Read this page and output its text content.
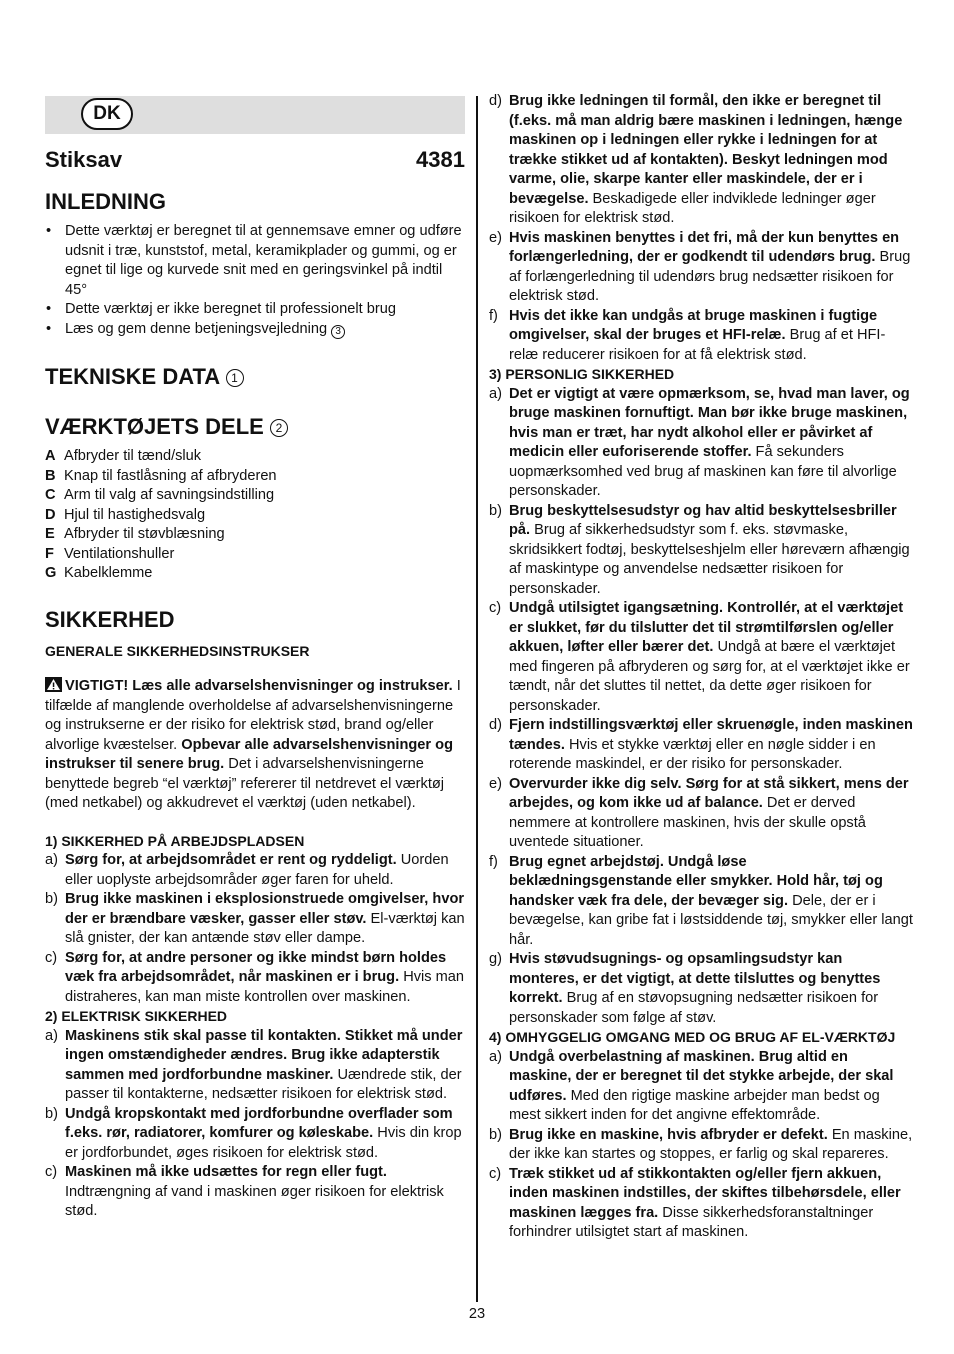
DK
Stiksav	4381
INLEDNING
• Dette værktøj er beregnet til at gennemsave emner og udføre udsnit i træ, kunststof, metal, keramikplader og gummi, og er egnet til lige og kurvede snit med en geringsvinkel på indtil 45°
• Dette værktøj er ikke beregnet til professionelt brug
• Læs og gem denne betjeningsvejledning 3
TEKNISKE DATA 1
VÆRKTØJETS DELE 2
A Afbryder til tænd/sluk
B Knap til fastlåsning af afbryderen
C Arm til valg af savningsindstilling
D Hjul til hastighedsvalg
E Afbryder til støvblæsning
F Ventilationshuller
G Kabelklemme
SIKKERHED

GENERALE SIKKERHEDSINSTRUKSER

VIGTIGT! Læs alle advarselshenvisninger og instrukser. I tilfælde af manglende overholdelse af advarselshenvisningerne og instrukserne er der risiko for elektrisk stød, brand og/eller alvorlige kvæstelser. Opbevar alle advarselshenvisninger og instrukser til senere brug. Det i advarselshenvisningerne benyttede begreb “el værktøj” refererer til netdrevet el værktøj (med netkabel) og akkudrevet el værktøj (uden netkabel).

1) SIKKERHED PÅ ARBEJDSPLADSEN

a) Sørg for, at arbejdsområdet er rent og ryddeligt. Uorden eller uoplyste arbejdsområder øger faren for uheld.
b) Brug ikke maskinen i eksplosionstruede omgivelser, hvor der er brændbare væsker, gasser eller støv. El-værktøj kan slå gnister, der kan antænde støv eller dampe.
c) Sørg for, at andre personer og ikke mindst børn holdes væk fra arbejdsområdet, når maskinen er i brug. Hvis man distraheres, kan man miste kontrollen over maskinen.

2) ELEKTRISK SIKKERHED

a) Maskinens stik skal passe til kontakten. Stikket må under ingen omstændigheder ændres. Brug ikke adapterstik sammen med jordforbundne maskiner. Uændrede stik, der passer til kontakterne, nedsætter risikoen for elektrisk stød.
b) Undgå kropskontakt med jordforbundne overflader som f.eks. rør, radiatorer, komfurer og køleskabe. Hvis din krop er jordforbundet, øges risikoen for elektrisk stød.
c) Maskinen må ikke udsættes for regn eller fugt. Indtrængning af vand i maskinen øger risikoen for elektrisk stød.
d) Brug ikke ledningen til formål, den ikke er beregnet til (f.eks. må man aldrig bære maskinen i ledningen, hænge maskinen op i ledningen eller rykke i ledningen for at trække stikket ud af kontakten). Beskyt ledningen mod varme, olie, skarpe kanter eller maskindele, der er i bevægelse. Beskadigede eller indviklede ledninger øger risikoen for elektrisk stød.
e) Hvis maskinen benyttes i det fri, må der kun benyttes en forlængerledning, der er godkendt til udendørs brug. Brug af forlængerledning til udendørs brug nedsætter risikoen for elektrisk stød.
f) Hvis det ikke kan undgås at bruge maskinen i fugtige omgivelser, skal der bruges et HFI-relæ. Brug af et HFI-relæ reducerer risikoen for at få elektrisk stød.

3) PERSONLIG SIKKERHED

a) Det er vigtigt at være opmærksom, se, hvad man laver, og bruge maskinen fornuftigt. Man bør ikke bruge maskinen, hvis man er træt, har nydt alkohol eller er påvirket af medicin eller euforiserende stoffer. Få sekunders uopmærksomhed ved brug af maskinen kan føre til alvorlige personskader.
b) Brug beskyttelsesudstyr og hav altid beskyttelsesbriller på. Brug af sikkerhedsudstyr som f. eks. støvmaske, skridsikkert fodtøj, beskyttelseshjelm eller høreværn afhængig af maskintype og anvendelse nedsætter risikoen for personskader.
c) Undgå utilsigtet igangsætning. Kontrollér, at el værktøjet er slukket, før du tilslutter det til strømtilførslen og/eller akkuen, løfter eller bærer det. Undgå at bære el værktøjet med fingeren på afbryderen og sørg for, at el værktøjet ikke er tændt, når det sluttes til nettet, da dette øger risikoen for personskader.
d) Fjern indstillingsværktøj eller skruenøgle, inden maskinen tændes. Hvis et stykke værktøj eller en nøgle sidder i en roterende maskindel, er der risiko for personskader.
e) Overvurder ikke dig selv. Sørg for at stå sikkert, mens der arbejdes, og kom ikke ud af balance. Det er derved nemmere at kontrollere maskinen, hvis der skulle opstå uventede situationer.
f) Brug egnet arbejdstøj. Undgå løse beklædningsgenstande eller smykker. Hold hår, tøj og handsker væk fra dele, der bevæger sig. Dele, der er i bevægelse, kan gribe fat i løstsiddende tøj, smykker eller langt hår.
g) Hvis støvudsugnings- og opsamlingsudstyr kan monteres, er det vigtigt, at dette tilsluttes og benyttes korrekt. Brug af en støvopsugning nedsætter risikoen for personskader som følge af støv.

4) OMHYGGELIG OMGANG MED OG BRUG AF EL-VÆRKTØJ

a) Undgå overbelastning af maskinen. Brug altid en maskine, der er beregnet til det stykke arbejde, der skal udføres. Med den rigtige maskine arbejder man bedst og mest sikkert inden for det angivne effektområde.
b) Brug ikke en maskine, hvis afbryder er defekt. En maskine, der ikke kan startes og stoppes, er farlig og skal repareres.
c) Træk stikket ud af stikkontakten og/eller fjern akkuen, inden maskinen indstilles, der skiftes tilbehørsdele, eller maskinen lægges fra. Disse sikkerhedsforanstaltninger forhindrer utilsigtet start af maskinen.
23
